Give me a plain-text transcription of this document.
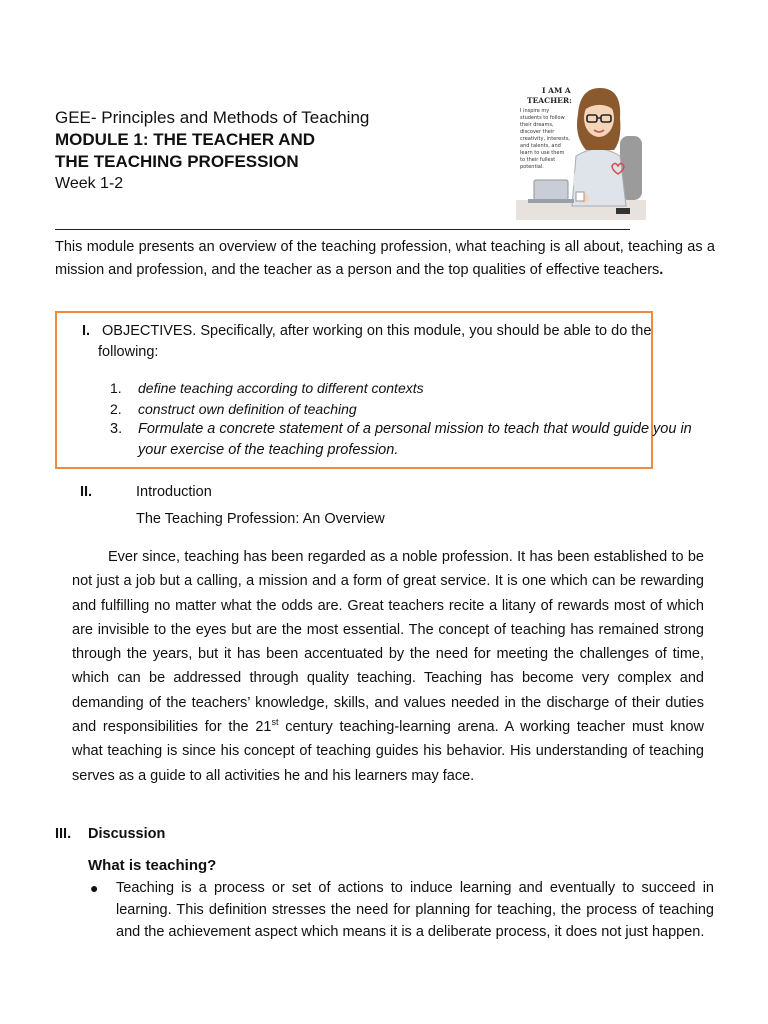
GEE- Principles and Methods of Teaching

MODULE 1: THE TEACHER AND

THE TEACHING PROFESSION

Week 1-2

I AM A
TEACHER:
I inspire my
students to follow
their dreams,
discover their
creativity, interests,
and talents, and
learn to use them
to their fullest
potential.

This module presents an overview of the teaching profession, what teaching is all about, teaching as a mission and profession, and the teacher as a person and the top qualities of effective teachers.

I. OBJECTIVES. Specifically, after working on this module, you should be able to do the
following:

1. define teaching according to different contexts
2. construct own definition of teaching
3. Formulate a concrete statement of a personal mission to teach that would guide you in your exercise of the teaching profession.
II.	Introduction
The Teaching Profession: An Overview

Ever since, teaching has been regarded as a noble profession. It has been established to be not just a job but a calling, a mission and a form of great service. It is one which can be rewarding and fulfilling no matter what the odds are. Great teachers recite a litany of rewards most of which are invisible to the eyes but are the most essential. The concept of teaching has remained strong through the years, but it has been accentuated by the need for meeting the challenges of time, which can be addressed through quality teaching. Teaching has become very complex and demanding of the teachers’ knowledge, skills, and values needed in the discharge of their duties and responsibilities for the 21st century teaching-learning arena. A working teacher must know what teaching is since his concept of teaching guides his behavior. His understanding of teaching serves as a guide to all activities he and his learners may face.

III. Discussion
What is teaching?
● Teaching is a process or set of actions to induce learning and eventually to succeed in learning. This definition stresses the need for planning for teaching, the process of teaching and the achievement aspect which means it is a deliberate process, it does not just happen.
